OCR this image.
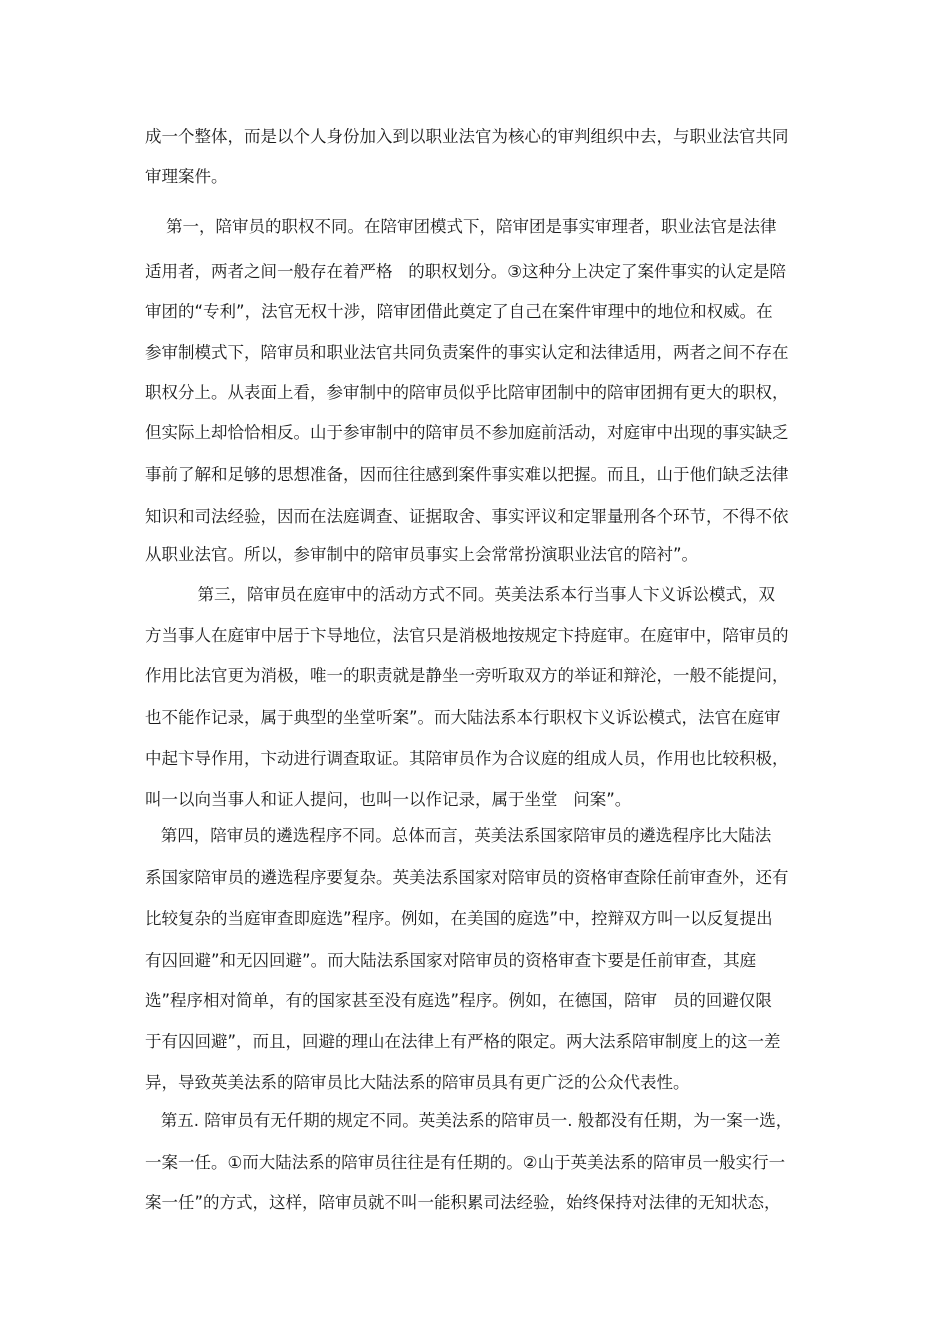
成一个整体，而是以个人身份加入到以职业法官为核心的审判组织中去，与职业法官共同
审理案件。
第一，陪审员的职权不同。在陪审团模式下，陪审团是事实审理者，职业法官是法律
适用者，两者之间一般存在着严格   的职权划分。③这种分上决定了案件事实的认定是陪
审团的“专利”，法官无权十涉，陪审团借此奠定了自己在案件审理中的地位和权威。在
参审制模式下，陪审员和职业法官共同负责案件的事实认定和法律适用，两者之间不存在
职权分上。从表面上看，参审制中的陪审员似乎比陪审团制中的陪审团拥有更大的职权，
但实际上却恰恰相反。山于参审制中的陪审员不参加庭前活动，对庭审中出现的事实缺乏
事前了解和足够的思想准备，因而往往感到案件事实难以把握。而且，山于他们缺乏法律
知识和司法经验，因而在法庭调查、证据取舍、事实评议和定罪量刑各个环节，不得不依
从职业法官。所以，参审制中的陪审员事实上会常常扮演职业法官的陪衬”。
第三，陪审员在庭审中的活动方式不同。英美法系本行当事人卞义诉讼模式，双
方当事人在庭审中居于卞导地位，法官只是消极地按规定卞持庭审。在庭审中，陪审员的
作用比法官更为消极，唯一的职责就是静坐一旁听取双方的举证和辩沦，一般不能提问，
也不能作记录，属于典型的坐堂听案”。而大陆法系本行职权卞义诉讼模式，法官在庭审
中起卞导作用，卞动进行调查取证。其陪审员作为合议庭的组成人员，作用也比较积极，
叫一以向当事人和证人提问，也叫一以作记录，属于坐堂   问案”。
第四，陪审员的遴选程序不同。总体而言，英美法系国家陪审员的遴选程序比大陆法
系国家陪审员的遴选程序要复杂。英美法系国家对陪审员的资格审查除任前审查外，还有
比较复杂的当庭审查即庭选”程序。例如，在美国的庭选”中，控辩双方叫一以反复提出
有囚回避”和无囚回避”。而大陆法系国家对陪审员的资格审查卞要是任前审查，其庭
选”程序相对简单，有的国家甚至没有庭选”程序。例如，在德国，陪审   员的回避仅限
于有囚回避”，而且，回避的理山在法律上有严格的限定。两大法系陪审制度上的这一差
异，导致英美法系的陪审员比大陆法系的陪审员具有更广泛的公众代表性。
第五. 陪审员有无仟期的规定不同。英美法系的陪审员一. 般都没有任期，为一案一选，
一案一任。①而大陆法系的陪审员往往是有任期的。②山于英美法系的陪审员一般实行一
案一任”的方式，这样，陪审员就不叫一能积累司法经验，始终保持对法律的无知状态，
